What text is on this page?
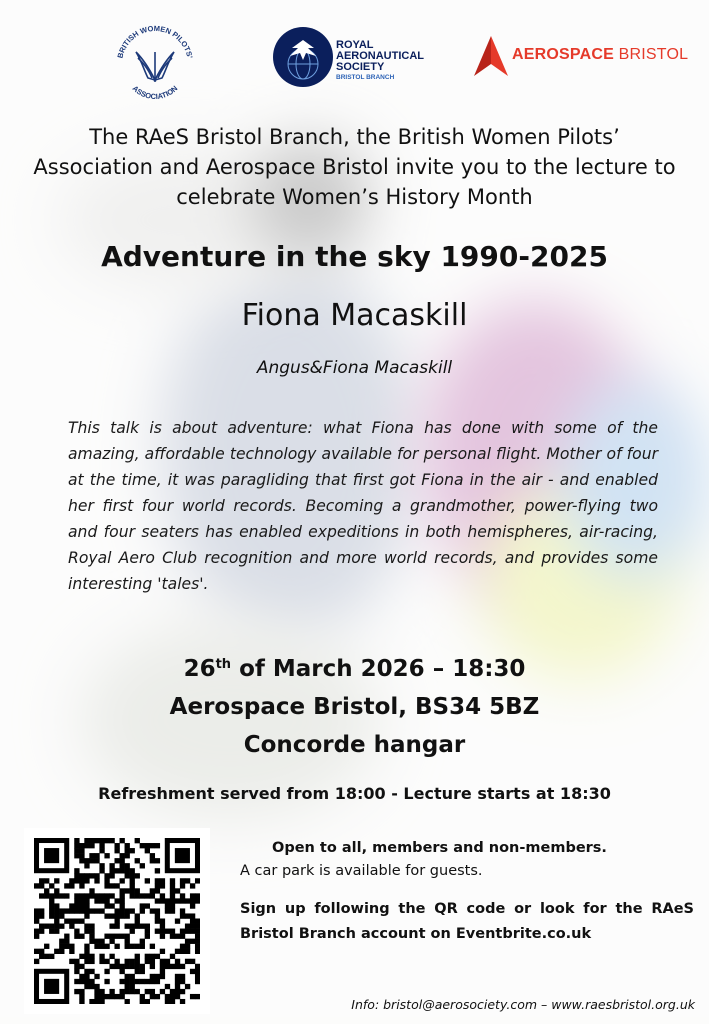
BRITISH WOMEN PILOTS'
ASSOCIATION
ROYAL
AERONAUTICAL
SOCIETY
BRISTOL BRANCH
AEROSPACE BRISTOL
The RAeS Bristol Branch, the British Women Pilots’ Association and Aerospace Bristol invite you to the lecture to celebrate Women’s History Month
Adventure in the sky 1990-2025
Fiona Macaskill
Angus&Fiona Macaskill
This talk is about adventure: what Fiona has done with some of the amazing, affordable technology available for personal flight. Mother of four at the time, it was paragliding that first got Fiona in the air - and enabled her first four world records. Becoming a grandmother, power-flying two and four seaters has enabled expeditions in both hemispheres, air-racing, Royal Aero Club recognition and more world records, and provides some interesting 'tales'.
26th of March 2026 – 18:30
Aerospace Bristol, BS34 5BZ
Concorde hangar
Refreshment served from 18:00 - Lecture starts at 18:30
Open to all, members and non-members.
A car park is available for guests.
Sign up following the QR code or look for the RAeS Bristol Branch account on Eventbrite.co.uk
Info: bristol@aerosociety.com – www.raesbristol.org.uk
